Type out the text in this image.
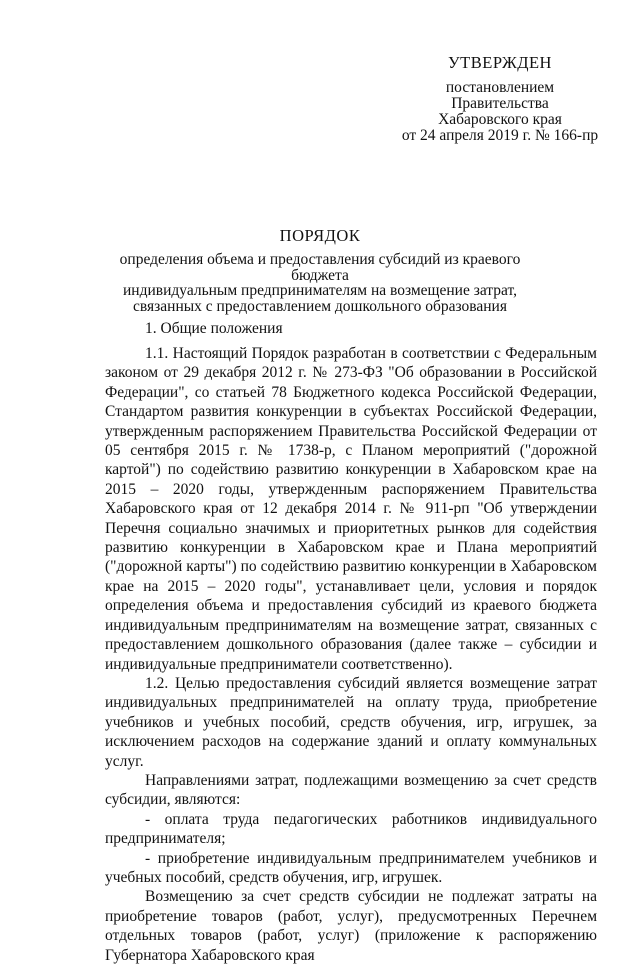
УТВЕРЖДЕН
постановлением
Правительства
Хабаровского края
от 24 апреля 2019 г. № 166-пр
ПОРЯДОК
определения объема и предоставления субсидий из краевого бюджета
индивидуальным предпринимателям на возмещение затрат,
связанных с предоставлением дошкольного образования
1. Общие положения

1.1. Настоящий Порядок разработан в соответствии с Федеральным законом от 29 декабря 2012 г. № 273-ФЗ "Об образовании в Российской Федерации", со статьей 78 Бюджетного кодекса Российской Федерации, Стандартом развития конкуренции в субъектах Российской Федерации, утвержденным распоряжением Правительства Российской Федерации от 05 сентября 2015 г. № 1738-р, с Планом мероприятий ("дорожной картой") по содействию развитию конкуренции в Хабаровском крае на 2015 – 2020 годы, утвержденным распоряжением Правительства Хабаровского края от 12 декабря 2014 г. № 911-рп "Об утверждении Перечня социально значимых и приоритетных рынков для содействия развитию конкуренции в Хабаровском крае и Плана мероприятий ("дорожной карты") по содействию развитию конкуренции в Хабаровском крае на 2015 – 2020 годы", устанавливает цели, условия и порядок определения объема и предоставления субсидий из краевого бюджета индивидуальным предпринимателям на возмещение затрат, связанных с предоставлением дошкольного образования (далее также – субсидии и индивидуальные предприниматели соответственно).

1.2. Целью предоставления субсидий является возмещение затрат индивидуальных предпринимателей на оплату труда, приобретение учебников и учебных пособий, средств обучения, игр, игрушек, за исключением расходов на содержание зданий и оплату коммунальных услуг.

Направлениями затрат, подлежащими возмещению за счет средств субсидии, являются:

- оплата труда педагогических работников индивидуального предпринимателя;

- приобретение индивидуальным предпринимателем учебников и учебных пособий, средств обучения, игр, игрушек.

Возмещению за счет средств субсидии не подлежат затраты на приобретение товаров (работ, услуг), предусмотренных Перечнем отдельных товаров (работ, услуг) (приложение к распоряжению Губернатора Хабаровского края
